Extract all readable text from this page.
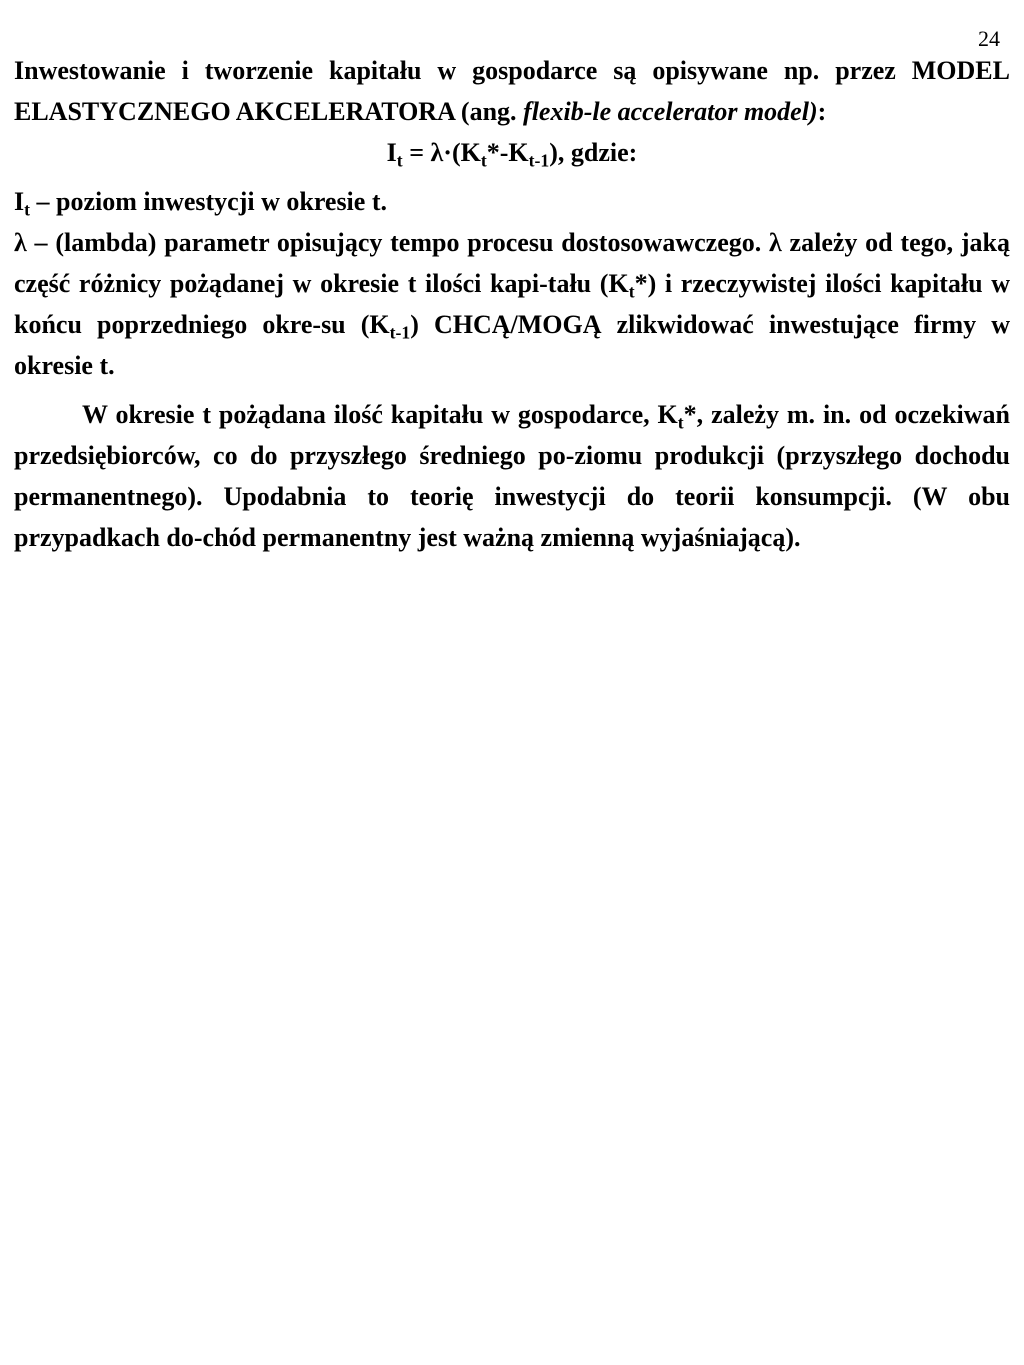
24

Inwestowanie i tworzenie kapitału w gospodarce są opisywane np. przez MODEL ELASTYCZNEGO AKCELERATORA (ang. flexib-le accelerator model):

$I_t = \lambda\cdot(K_t*-K_{t-1})$, gdzie:

$I_t$ – poziom inwestycji w okresie t.

λ – (lambda) parametr opisujący tempo procesu dostosowawczego. λ zależy od tego, jaką część różnicy pożądanej w okresie t ilości kapi-tału $(K_t*)$ i rzeczywistej ilości kapitału w końcu poprzedniego okre-su $(K_{t-1})$ CHCĄ/MOGĄ zlikwidować inwestujące firmy w okresie t.

W okresie t pożądana ilość kapitału w gospodarce, $K_t*$, zależy m. in. od oczekiwań przedsiębiorców, co do przyszłego średniego po-ziomu produkcji (przyszłego dochodu permanentnego). Upodabnia to teorię inwestycji do teorii konsumpcji. (W obu przypadkach do-chód permanentny jest ważną zmienną wyjaśniającą).
